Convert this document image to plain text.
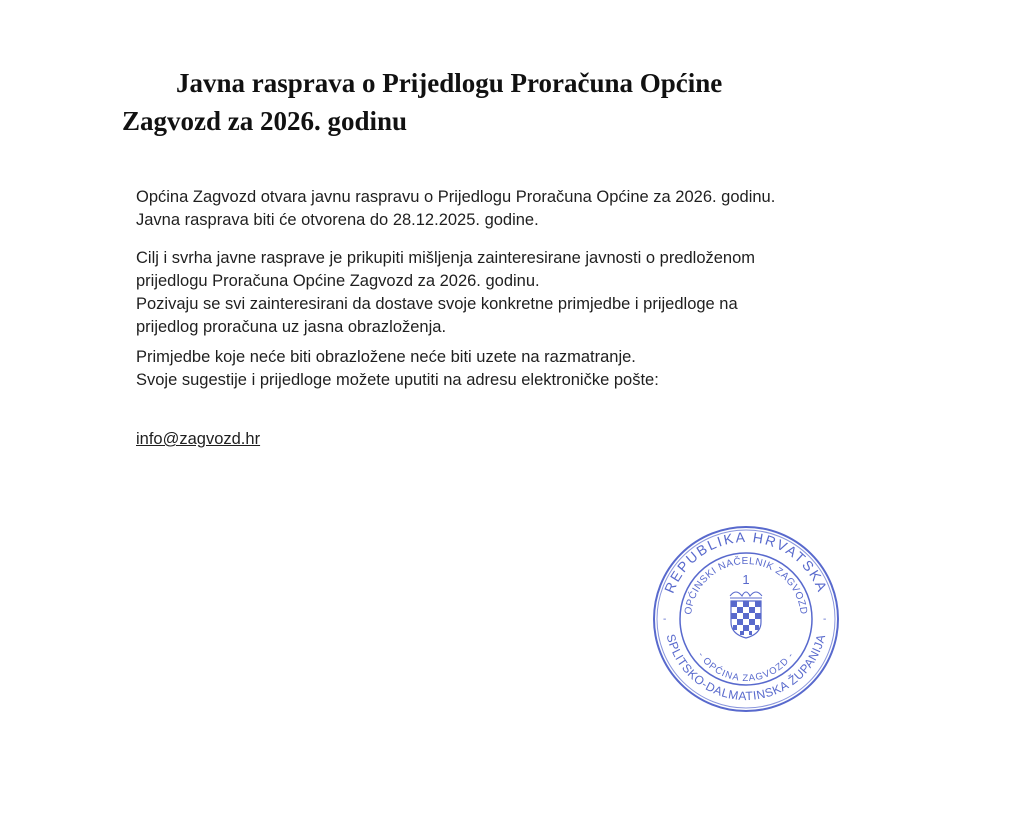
Javna rasprava o Prijedlogu Proračuna Općine
Zagvozd za 2026. godinu

Općina Zagvozd otvara javnu raspravu o Prijedlogu Proračuna Općine za 2026. godinu.
Javna rasprava biti će otvorena do 28.12.2025. godine.

Cilj i svrha javne rasprave je prikupiti mišljenja zainteresirane javnosti o predloženom
prijedlogu Proračuna Općine Zagvozd za 2026. godinu.
Pozivaju se svi zainteresirani da dostave svoje konkretne primjedbe i prijedloge na
prijedlog proračuna uz jasna obrazloženja.

Primjedbe koje neće biti obrazložene neće biti uzete na razmatranje.
Svoje sugestije i prijedloge možete uputiti na adresu elektroničke pošte:

info@zagvozd.hr
REPUBLIKA HRVATSKA
SPLITSKO-DALMATINSKA ŽUPANIJA
OPĆINSKI NAČELNIK ZAGVOZD
- OPĆINA ZAGVOZD -
1
-	-
